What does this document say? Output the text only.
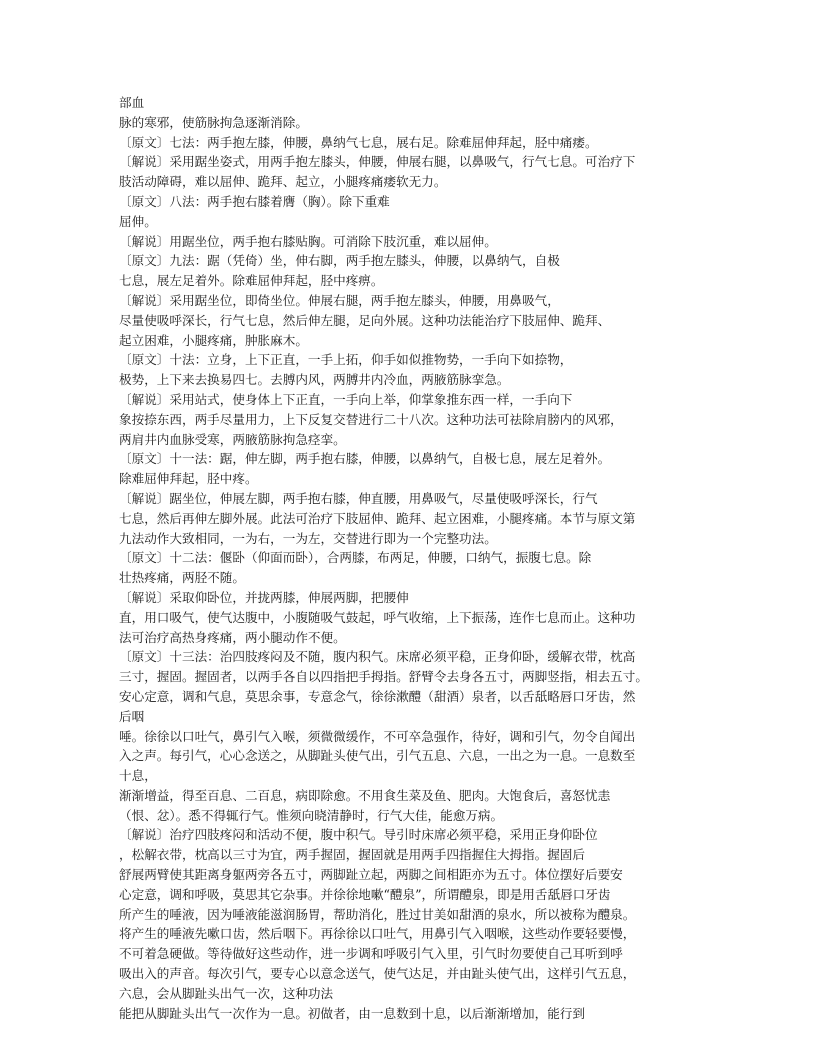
部血
脉的寒邪，使筋脉拘急逐渐消除。
〔原文〕七法：两手抱左膝，伸腰，鼻纳气七息，展右足。除难屈伸拜起，胫中痛痿。
〔解说〕采用踞坐姿式，用两手抱左膝头，伸腰，伸展右腿，以鼻吸气，行气七息。可治疗下
肢活动障碍，难以屈伸、跪拜、起立，小腿疼痛痿软无力。
〔原文〕八法：两手抱右膝着膺（胸）。除下重难
屈伸。
〔解说〕用踞坐位，两手抱右膝贴胸。可消除下肢沉重，难以屈伸。
〔原文〕九法：踞（凭倚）坐，伸右脚，两手抱左膝头，伸腰，以鼻纳气，自极
七息，展左足着外。除难屈伸拜起，胫中疼痹。
〔解说〕采用踞坐位，即倚坐位。伸展右腿，两手抱左膝头，伸腰，用鼻吸气，
尽量使吸呼深长，行气七息，然后伸左腿，足向外展。这种功法能治疗下肢屈伸、跪拜、
起立困难，小腿疼痛，肿胀麻木。
〔原文〕十法：立身，上下正直，一手上拓，仰手如似推物势，一手向下如捺物，
极势，上下来去换易四七。去膊内风，两膊井内冷血，两腋筋脉挛急。
〔解说〕采用站式，使身体上下正直，一手向上举，仰掌象推东西一样，一手向下
象按捺东西，两手尽量用力，上下反复交替进行二十八次。这种功法可祛除肩膀内的风邪，
两肩井内血脉受寒，两腋筋脉拘急痉挛。
〔原文〕十一法：踞，伸左脚，两手抱右膝，伸腰，以鼻纳气，自极七息，展左足着外。
除难屈伸拜起，胫中疼。
〔解说〕踞坐位，伸展左脚，两手抱右膝，伸直腰，用鼻吸气，尽量使吸呼深长，行气
七息，然后再伸左脚外展。此法可治疗下肢屈伸、跪拜、起立困难，小腿疼痛。本节与原文第
九法动作大致相同，一为右，一为左，交替进行即为一个完整功法。
〔原文〕十二法：偃卧（仰面而卧），合两膝，布两足，伸腰，口纳气，振腹七息。除
壮热疼痛，两胫不随。
〔解说〕采取仰卧位，并拢两膝，伸展两脚，把腰伸
直，用口吸气，使气达腹中，小腹随吸气鼓起，呼气收缩，上下振荡，连作七息而止。这种功
法可治疗高热身疼痛，两小腿动作不便。
〔原文〕十三法：治四肢疼闷及不随，腹内积气。床席必须平稳，正身仰卧，缓解衣带，枕高
三寸，握固。握固者，以两手各自以四指把手拇指。舒臂令去身各五寸，两脚竖指，相去五寸。
安心定意，调和气息，莫思余事，专意念气，徐徐漱醴（甜酒）泉者，以舌舐略唇口牙齿，然
后咽
唾。徐徐以口吐气，鼻引气入喉，须微微缓作，不可卒急强作，待好，调和引气，勿令自闻出
入之声。每引气，心心念送之，从脚趾头使气出，引气五息、六息，一出之为一息。一息数至
十息，
渐渐增益，得至百息、二百息，病即除愈。不用食生菜及鱼、肥肉。大饱食后，喜怒忧恚
（恨、忿）。悉不得辄行气。惟须向晓清静时，行气大佳，能愈万病。
〔解说〕治疗四肢疼闷和活动不便，腹中积气。导引时床席必须平稳，采用正身仰卧位
，松解衣带，枕高以三寸为宜，两手握固，握固就是用两手四指握住大拇指。握固后
舒展两臂使其距离身躯两旁各五寸，两脚趾立起，两脚之间相距亦为五寸。体位摆好后要安
心定意，调和呼吸，莫思其它杂事。并徐徐地嗽“醴泉”，所谓醴泉，即是用舌舐唇口牙齿
所产生的唾液，因为唾液能滋润肠胃，帮助消化，胜过甘美如甜酒的泉水，所以被称为醴泉。
将产生的唾液先嗽口齿，然后咽下。再徐徐以口吐气，用鼻引气入咽喉，这些动作要轻要慢，
不可着急硬做。等待做好这些动作，进一步调和呼吸引气入里，引气时勿要使自己耳听到呼
吸出入的声音。每次引气，要专心以意念送气，使气达足，并由趾头使气出，这样引气五息，
六息，会从脚趾头出气一次，这种功法
能把从脚趾头出气一次作为一息。初做者，由一息数到十息，以后渐渐增加，能行到
